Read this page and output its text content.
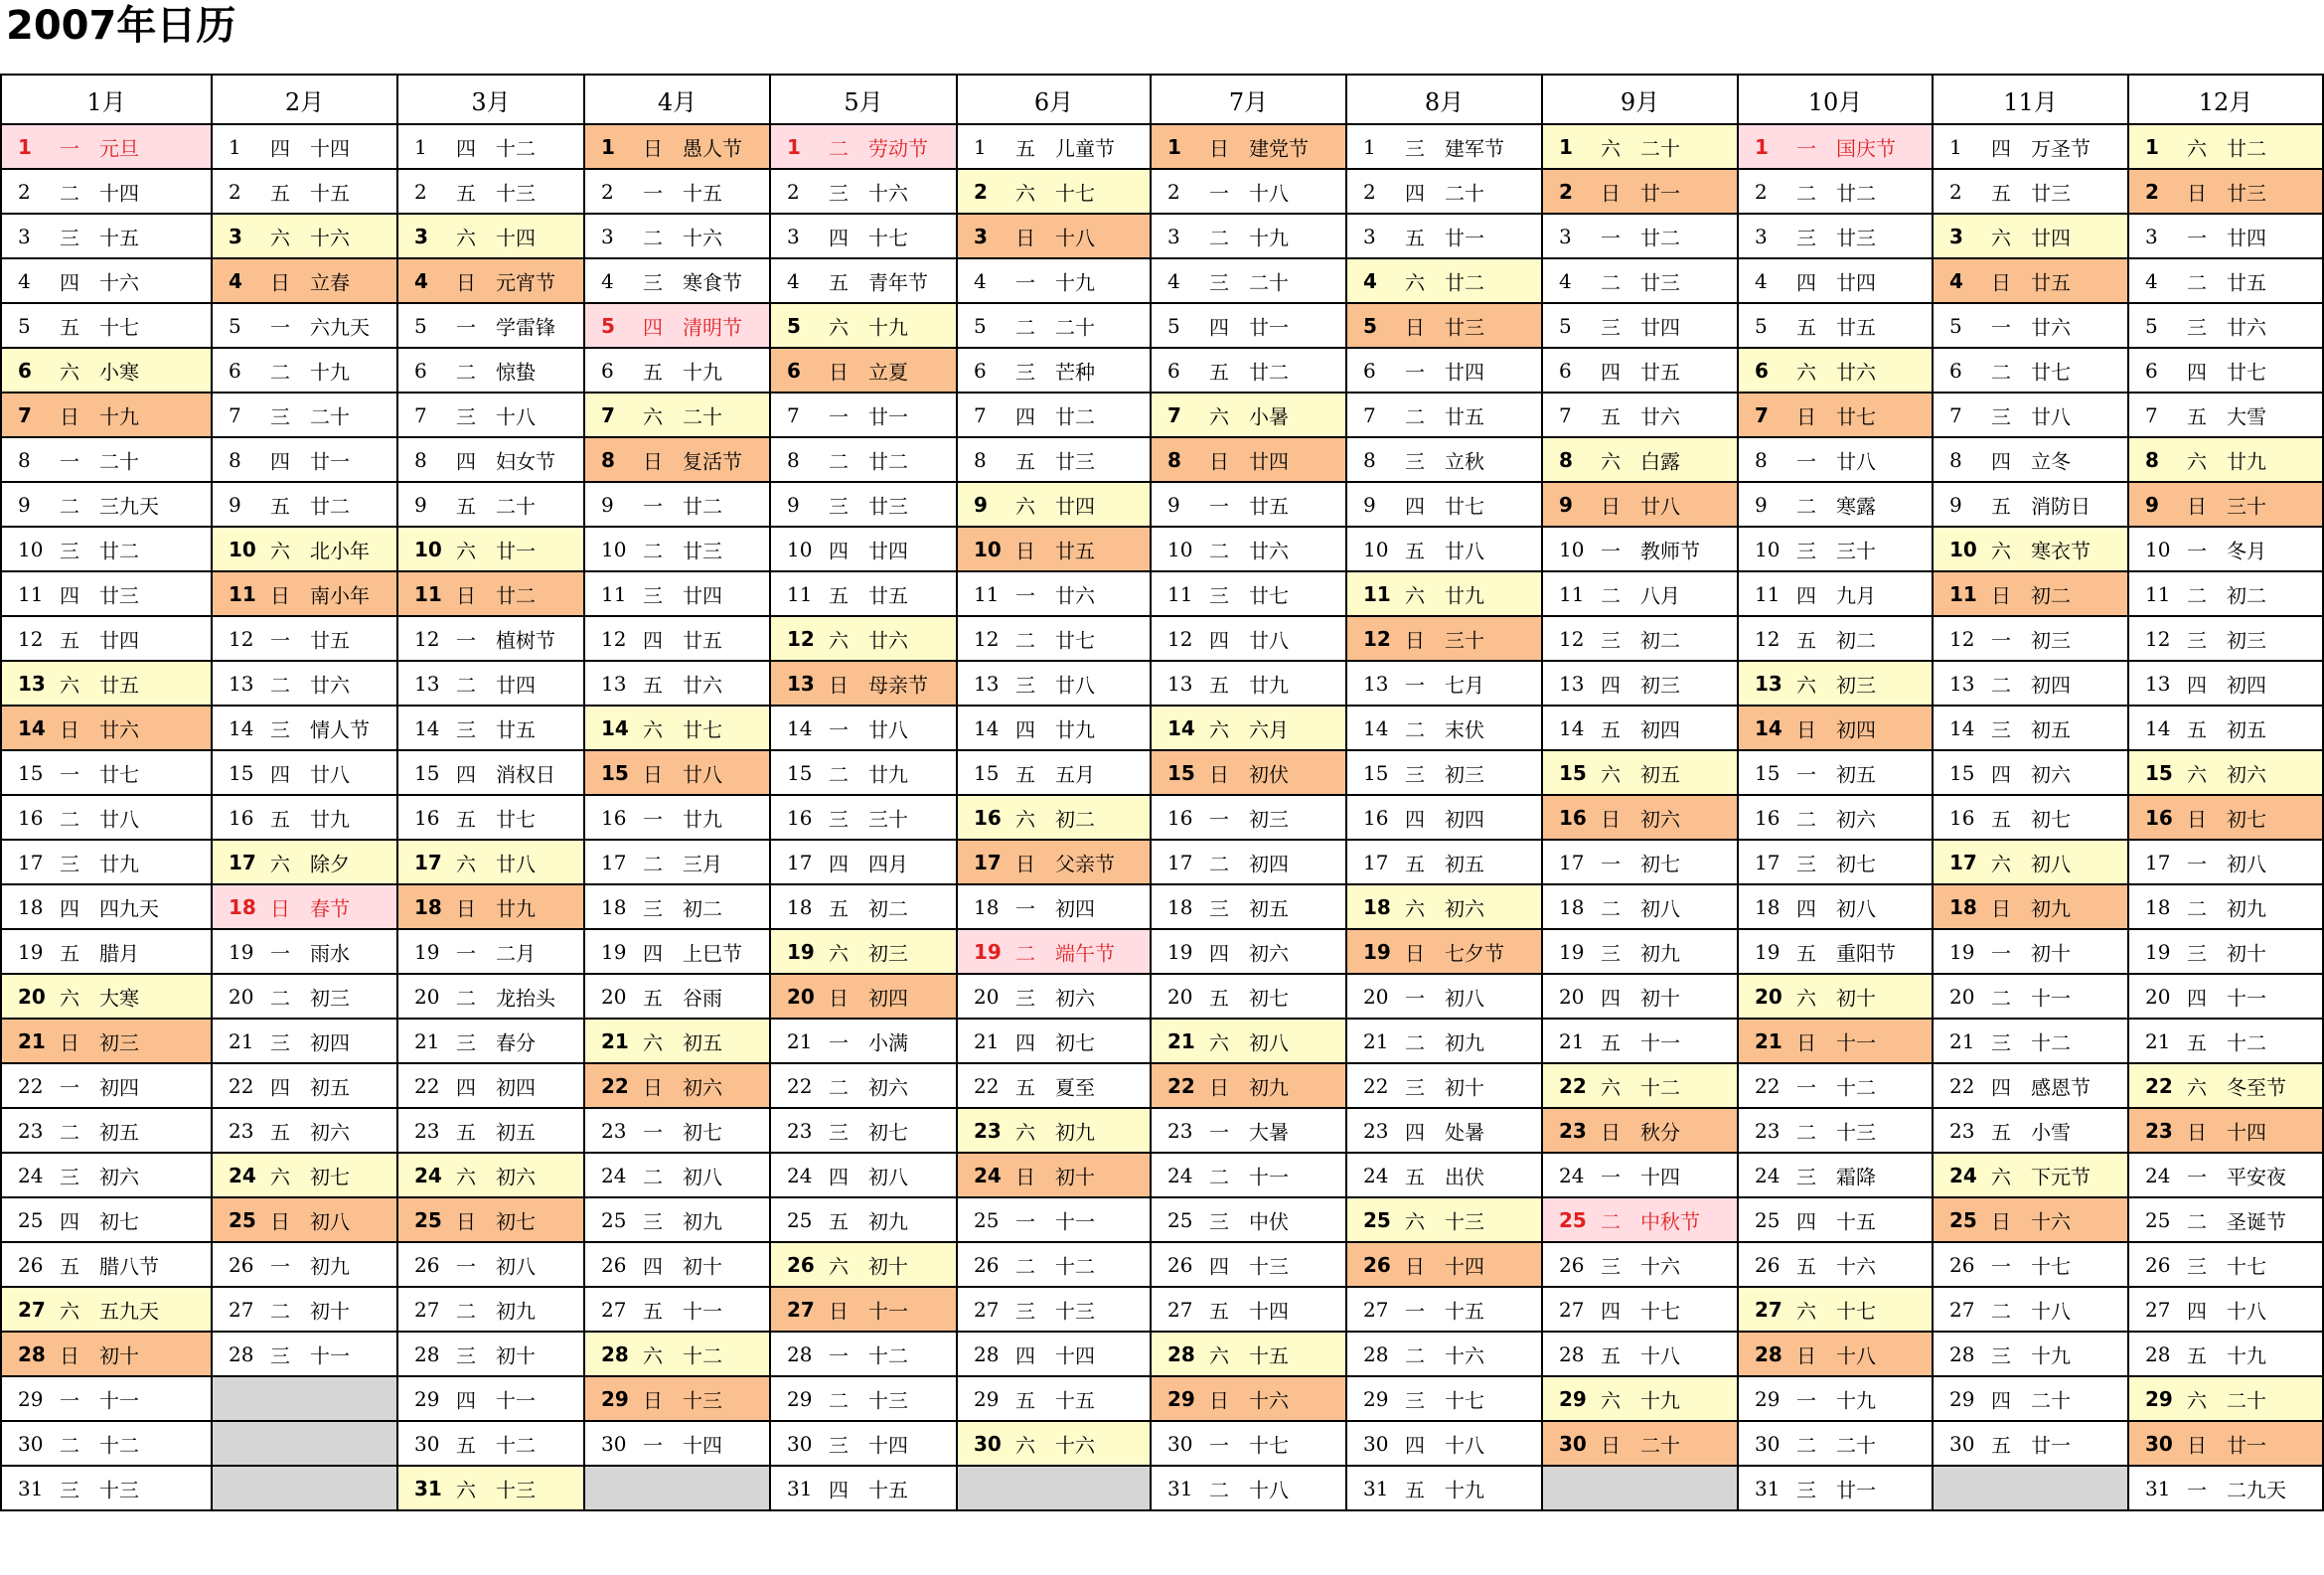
2007年日历
1月	2月	3月	4月	5月	6月	7月	8月	9月	10月	11月	12月

1 一 元旦	1 四 十四	1 四 十二	1 日 愚人节	1 二 劳动节	1 五 儿童节	1 日 建党节	1 三 建军节	1 六 二十	1 一 国庆节	1 四 万圣节	1 六 廿二

2 二 十四	2 五 十五	2 五 十三	2 一 十五	2 三 十六	2 六 十七	2 一 十八	2 四 二十	2 日 廿一	2 二 廿二	2 五 廿三	2 日 廿三

3 三 十五	3 六 十六	3 六 十四	3 二 十六	3 四 十七	3 日 十八	3 二 十九	3 五 廿一	3 一 廿二	3 三 廿三	3 六 廿四	3 一 廿四

4 四 十六	4 日 立春	4 日 元宵节	4 三 寒食节	4 五 青年节	4 一 十九	4 三 二十	4 六 廿二	4 二 廿三	4 四 廿四	4 日 廿五	4 二 廿五

5 五 十七	5 一 六九天	5 一 学雷锋	5 四 清明节	5 六 十九	5 二 二十	5 四 廿一	5 日 廿三	5 三 廿四	5 五 廿五	5 一 廿六	5 三 廿六

6 六 小寒	6 二 十九	6 二 惊蛰	6 五 十九	6 日 立夏	6 三 芒种	6 五 廿二	6 一 廿四	6 四 廿五	6 六 廿六	6 二 廿七	6 四 廿七

7 日 十九	7 三 二十	7 三 十八	7 六 二十	7 一 廿一	7 四 廿二	7 六 小暑	7 二 廿五	7 五 廿六	7 日 廿七	7 三 廿八	7 五 大雪

8 一 二十	8 四 廿一	8 四 妇女节	8 日 复活节	8 二 廿二	8 五 廿三	8 日 廿四	8 三 立秋	8 六 白露	8 一 廿八	8 四 立冬	8 六 廿九

9 二 三九天	9 五 廿二	9 五 二十	9 一 廿二	9 三 廿三	9 六 廿四	9 一 廿五	9 四 廿七	9 日 廿八	9 二 寒露	9 五 消防日	9 日 三十

10 三 廿二	10 六 北小年	10 六 廿一	10 二 廿三	10 四 廿四	10 日 廿五	10 二 廿六	10 五 廿八	10 一 教师节	10 三 三十	10 六 寒衣节	10 一 冬月

11 四 廿三	11 日 南小年	11 日 廿二	11 三 廿四	11 五 廿五	11 一 廿六	11 三 廿七	11 六 廿九	11 二 八月	11 四 九月	11 日 初二	11 二 初二

12 五 廿四	12 一 廿五	12 一 植树节	12 四 廿五	12 六 廿六	12 二 廿七	12 四 廿八	12 日 三十	12 三 初二	12 五 初二	12 一 初三	12 三 初三

13 六 廿五	13 二 廿六	13 二 廿四	13 五 廿六	13 日 母亲节	13 三 廿八	13 五 廿九	13 一 七月	13 四 初三	13 六 初三	13 二 初四	13 四 初四

14 日 廿六	14 三 情人节	14 三 廿五	14 六 廿七	14 一 廿八	14 四 廿九	14 六 六月	14 二 末伏	14 五 初四	14 日 初四	14 三 初五	14 五 初五

15 一 廿七	15 四 廿八	15 四 消权日	15 日 廿八	15 二 廿九	15 五 五月	15 日 初伏	15 三 初三	15 六 初五	15 一 初五	15 四 初六	15 六 初六

16 二 廿八	16 五 廿九	16 五 廿七	16 一 廿九	16 三 三十	16 六 初二	16 一 初三	16 四 初四	16 日 初六	16 二 初六	16 五 初七	16 日 初七

17 三 廿九	17 六 除夕	17 六 廿八	17 二 三月	17 四 四月	17 日 父亲节	17 二 初四	17 五 初五	17 一 初七	17 三 初七	17 六 初八	17 一 初八

18 四 四九天	18 日 春节	18 日 廿九	18 三 初二	18 五 初二	18 一 初四	18 三 初五	18 六 初六	18 二 初八	18 四 初八	18 日 初九	18 二 初九

19 五 腊月	19 一 雨水	19 一 二月	19 四 上巳节	19 六 初三	19 二 端午节	19 四 初六	19 日 七夕节	19 三 初九	19 五 重阳节	19 一 初十	19 三 初十

20 六 大寒	20 二 初三	20 二 龙抬头	20 五 谷雨	20 日 初四	20 三 初六	20 五 初七	20 一 初八	20 四 初十	20 六 初十	20 二 十一	20 四 十一

21 日 初三	21 三 初四	21 三 春分	21 六 初五	21 一 小满	21 四 初七	21 六 初八	21 二 初九	21 五 十一	21 日 十一	21 三 十二	21 五 十二

22 一 初四	22 四 初五	22 四 初四	22 日 初六	22 二 初六	22 五 夏至	22 日 初九	22 三 初十	22 六 十二	22 一 十二	22 四 感恩节	22 六 冬至节

23 二 初五	23 五 初六	23 五 初五	23 一 初七	23 三 初七	23 六 初九	23 一 大暑	23 四 处暑	23 日 秋分	23 二 十三	23 五 小雪	23 日 十四

24 三 初六	24 六 初七	24 六 初六	24 二 初八	24 四 初八	24 日 初十	24 二 十一	24 五 出伏	24 一 十四	24 三 霜降	24 六 下元节	24 一 平安夜

25 四 初七	25 日 初八	25 日 初七	25 三 初九	25 五 初九	25 一 十一	25 三 中伏	25 六 十三	25 二 中秋节	25 四 十五	25 日 十六	25 二 圣诞节

26 五 腊八节	26 一 初九	26 一 初八	26 四 初十	26 六 初十	26 二 十二	26 四 十三	26 日 十四	26 三 十六	26 五 十六	26 一 十七	26 三 十七

27 六 五九天	27 二 初十	27 二 初九	27 五 十一	27 日 十一	27 三 十三	27 五 十四	27 一 十五	27 四 十七	27 六 十七	27 二 十八	27 四 十八

28 日 初十	28 三 十一	28 三 初十	28 六 十二	28 一 十二	28 四 十四	28 六 十五	28 二 十六	28 五 十八	28 日 十八	28 三 十九	28 五 十九

29 一 十一		29 四 十一	29 日 十三	29 二 十三	29 五 十五	29 日 十六	29 三 十七	29 六 十九	29 一 十九	29 四 二十	29 六 二十

30 二 十二		30 五 十二	30 一 十四	30 三 十四	30 六 十六	30 一 十七	30 四 十八	30 日 二十	30 二 二十	30 五 廿一	30 日 廿一

31 三 十三		31 六 十三		31 四 十五		31 二 十八	31 五 十九		31 三 廿一		31 一 二九天
